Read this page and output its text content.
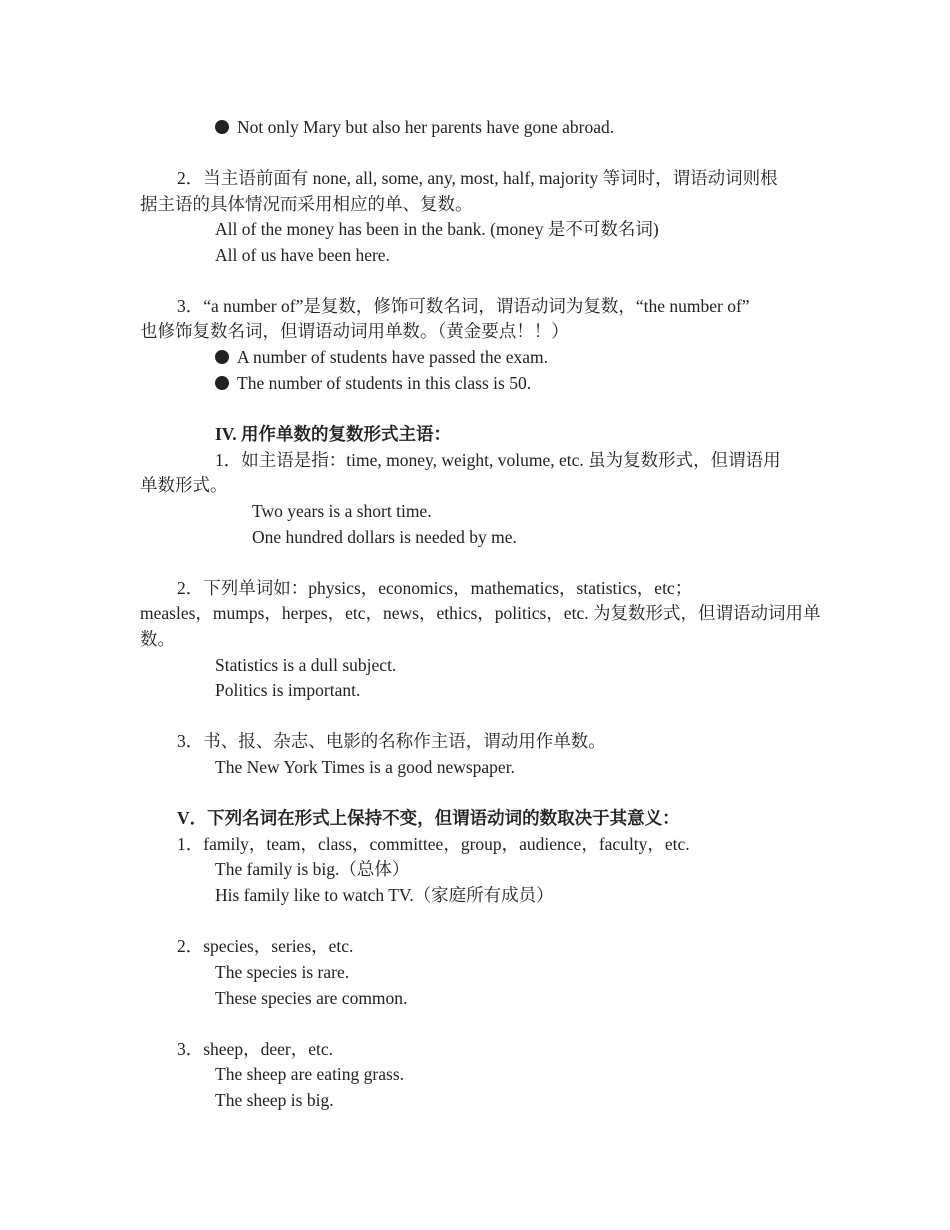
Not only Mary but also her parents have gone abroad.
2．当主语前面有 none, all, some, any, most, half, majority 等词时，谓语动词则根
据主语的具体情况而采用相应的单、复数。
All of the money has been in the bank. (money 是不可数名词)
All of us have been here.
3．“a number of”是复数，修饰可数名词，谓语动词为复数，“the number of”
也修饰复数名词，但谓语动词用单数。（黄金要点！！）
A number of students have passed the exam.
The number of students in this class is 50.
IV. 用作单数的复数形式主语：
1．如主语是指：time, money, weight, volume, etc. 虽为复数形式，但谓语用
单数形式。
Two years is a short time.
One hundred dollars is needed by me.
2．下列单词如：physics，economics，mathematics，statistics，etc；
measles，mumps，herpes，etc，news，ethics，politics，etc. 为复数形式，但谓语动词用单
数。
Statistics is a dull subject.
Politics is important.
3．书、报、杂志、电影的名称作主语，谓动用作单数。
The New York Times is a good newspaper.
V．下列名词在形式上保持不变，但谓语动词的数取决于其意义：
1．family，team，class，committee，group，audience，faculty，etc.
The family is big.（总体）
His family like to watch TV.（家庭所有成员）
2．species，series，etc.
The species is rare.
These species are common.
3．sheep，deer，etc.
The sheep are eating grass.
The sheep is big.
